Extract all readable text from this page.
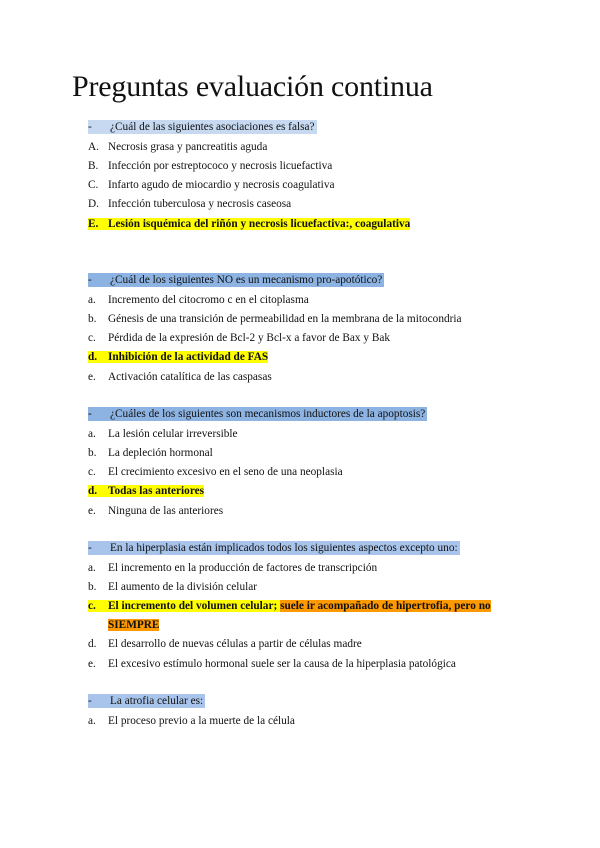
Preguntas evaluación continua
- ¿Cuál de las siguientes asociaciones es falsa?
A. Necrosis grasa y pancreatitis aguda
B. Infección por estreptococo y necrosis licuefactiva
C. Infarto agudo de miocardio y necrosis coagulativa
D. Infección tuberculosa y necrosis caseosa
E. Lesión isquémica del riñón y necrosis licuefactiva:, coagulativa
- ¿Cuál de los siguientes NO es un mecanismo pro-apotótico?
a. Incremento del citocromo c en el citoplasma
b. Génesis de una transición de permeabilidad en la membrana de la mitocondria
c. Pérdida de la expresión de Bcl-2 y Bcl-x a favor de Bax y Bak
d. Inhibición de la actividad de FAS
e. Activación catalítica de las caspasas
- ¿Cuáles de los siguientes son mecanismos inductores de la apoptosis?
a. La lesión celular irreversible
b. La depleción hormonal
c. El crecimiento excesivo en el seno de una neoplasia
d. Todas las anteriores
e. Ninguna de las anteriores
- En la hiperplasia están implicados todos los siguientes aspectos excepto uno:
a. El incremento en la producción de factores de transcripción
b. El aumento de la división celular
c. El incremento del volumen celular; suele ir acompañado de hipertrofia, pero no
SIEMPRE
d. El desarrollo de nuevas células a partir de células madre
e. El excesivo estímulo hormonal suele ser la causa de la hiperplasia patológica
- La atrofia celular es:
a. El proceso previo a la muerte de la célula
